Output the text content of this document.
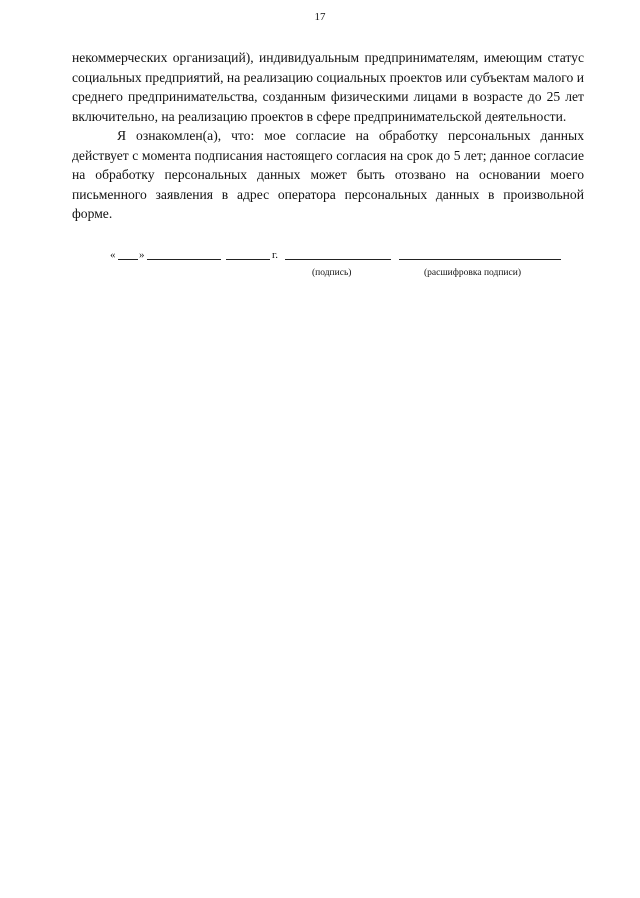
17

некоммерческих организаций), индивидуальным предпринимателям, имеющим статус социальных предприятий, на реализацию социальных проектов или субъектам малого и среднего предпринимательства, созданным физическими лицами в возрасте до 25 лет включительно, на реализацию проектов в сфере предпринимательской деятельности.

Я ознакомлен(а), что: мое согласие на обработку персональных данных действует с момента подписания настоящего согласия на срок до 5 лет; данное согласие на обработку персональных данных может быть отозвано на основании моего письменного заявления в адрес оператора персональных данных в произвольной форме.

« »	г.
(подпись)	(расшифровка подписи)
